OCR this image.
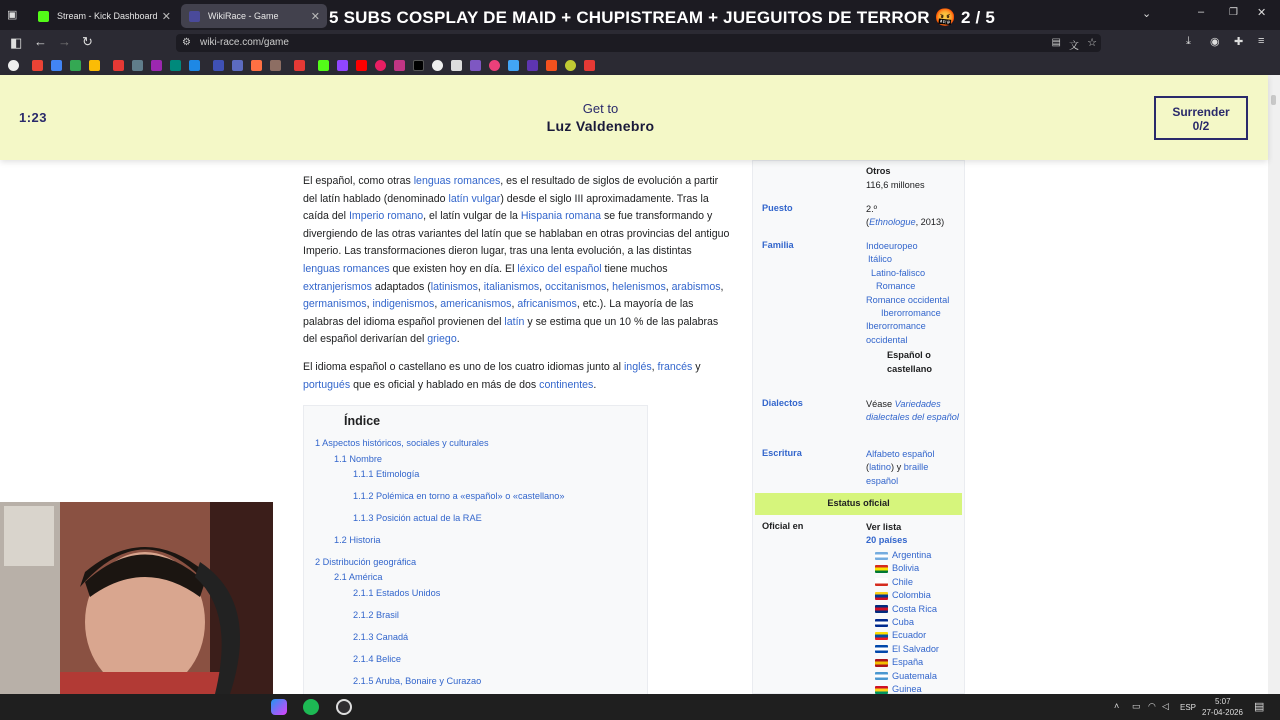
▣	Stream - Kick Dashboard ✕	WikiRace - Game	✕ 5 SUBS COSPLAY DE MAID + CHUPISTREAM + JUEGUITOS DE TERROR 🤬 2 / 5	⌄	– ❐ ✕
◧ ← → ↻	⚙ wiki-race.com/game	▤ 文 ☆	⤓ ◉ ✚ ≡
1:23
Get to
Luz Valdenebro
Surrender
0/2

El español, como otras lenguas romances, es el resultado de siglos de evolución a partir del latín hablado (denominado latín vulgar) desde el siglo III aproximadamente. Tras la caída del Imperio romano, el latín vulgar de la Hispania romana se fue transformando y divergiendo de las otras variantes del latín que se hablaban en otras provincias del antiguo Imperio. Las transformaciones dieron lugar, tras una lenta evolución, a las distintas lenguas romances que existen hoy en día. El léxico del español tiene muchos extranjerismos adaptados (latinismos, italianismos, occitanismos, helenismos, arabismos, germanismos, indigenismos, americanismos, africanismos, etc.). La mayoría de las palabras del idioma español provienen del latín y se estima que un 10 % de las palabras del español derivarían del griego.

El idioma español o castellano es uno de los cuatro idiomas junto al inglés, francés y portugués que es oficial y hablado en más de dos continentes.

Índice
1 Aspectos históricos, sociales y culturales
1.1 Nombre
1.1.1 Etimología
1.1.2 Polémica en torno a «español» o «castellano»
1.1.3 Posición actual de la RAE
1.2 Historia
2 Distribución geográfica
2.1 América
2.1.1 Estados Unidos
2.1.2 Brasil
2.1.3 Canadá
2.1.4 Belice
2.1.5 Aruba, Bonaire y Curazao
Otros
116,6 millones
Puesto	2.º
(Ethnologue, 2013)
Familia	Indoeuropeo
Itálico
Latino-falisco
Romance
Romance occidental
Iberorromance
Iberorromance occidental
Español o castellano
Dialectos	Véase Variedades dialectales del español
Escritura	Alfabeto español
(latino) y braille español
Estatus oficial
Oficial en	Ver lista
20 países
Argentina
Bolivia
Chile
Colombia
Costa Rica
Cuba
Ecuador
El Salvador
España
Guatemala
Guinea
˄ ▭ ◠ ◁ ESP
5:07
27-04-2026 ▤
